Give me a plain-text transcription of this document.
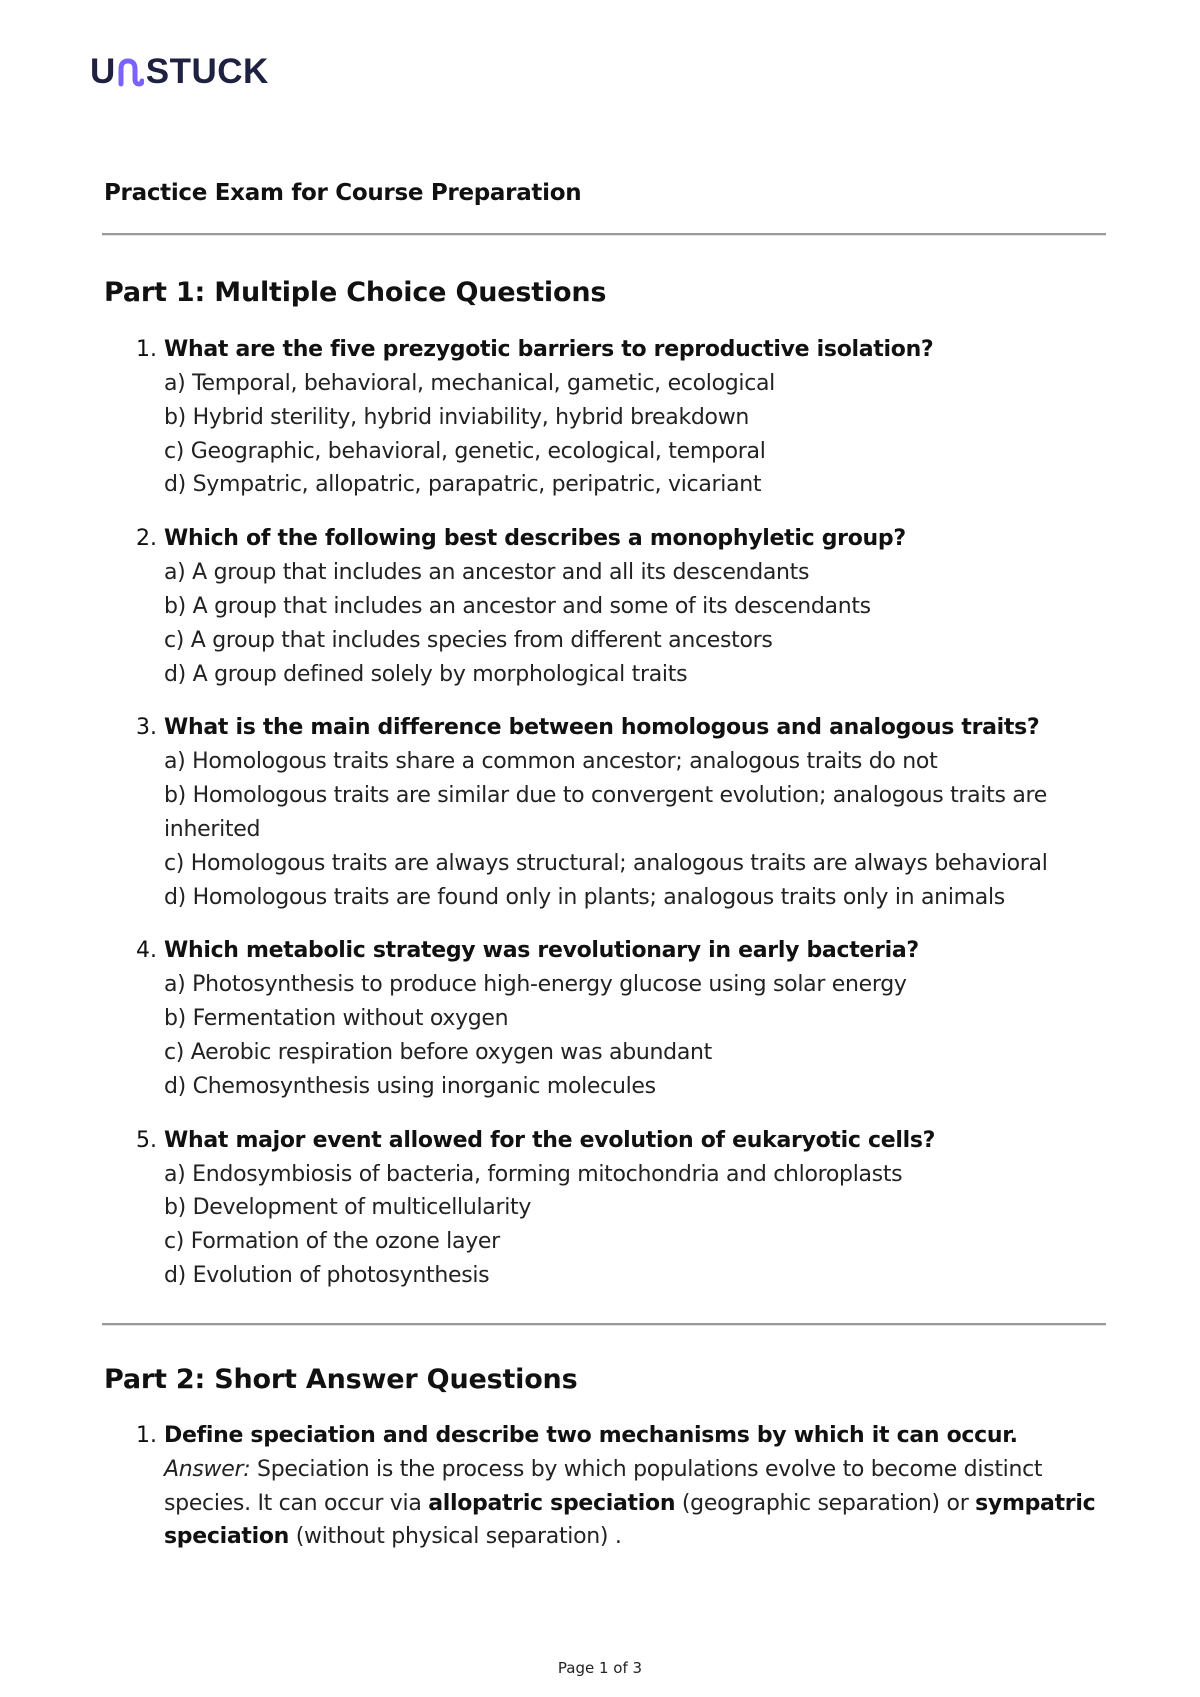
U STUCK
Practice Exam for Course Preparation
Part 1: Multiple Choice Questions
1. What are the five prezygotic barriers to reproductive isolation?
a) Temporal, behavioral, mechanical, gametic, ecological
b) Hybrid sterility, hybrid inviability, hybrid breakdown
c) Geographic, behavioral, genetic, ecological, temporal
d) Sympatric, allopatric, parapatric, peripatric, vicariant
2. Which of the following best describes a monophyletic group?
a) A group that includes an ancestor and all its descendants
b) A group that includes an ancestor and some of its descendants
c) A group that includes species from different ancestors
d) A group defined solely by morphological traits
3. What is the main difference between homologous and analogous traits?
a) Homologous traits share a common ancestor; analogous traits do not
b) Homologous traits are similar due to convergent evolution; analogous traits are inherited
c) Homologous traits are always structural; analogous traits are always behavioral
d) Homologous traits are found only in plants; analogous traits only in animals
4. Which metabolic strategy was revolutionary in early bacteria?
a) Photosynthesis to produce high-energy glucose using solar energy
b) Fermentation without oxygen
c) Aerobic respiration before oxygen was abundant
d) Chemosynthesis using inorganic molecules
5. What major event allowed for the evolution of eukaryotic cells?
a) Endosymbiosis of bacteria, forming mitochondria and chloroplasts
b) Development of multicellularity
c) Formation of the ozone layer
d) Evolution of photosynthesis
Part 2: Short Answer Questions
1. Define speciation and describe two mechanisms by which it can occur.
Answer: Speciation is the process by which populations evolve to become distinct species. It can occur via allopatric speciation (geographic separation) or sympatric speciation (without physical separation) .
Page 1 of 3
